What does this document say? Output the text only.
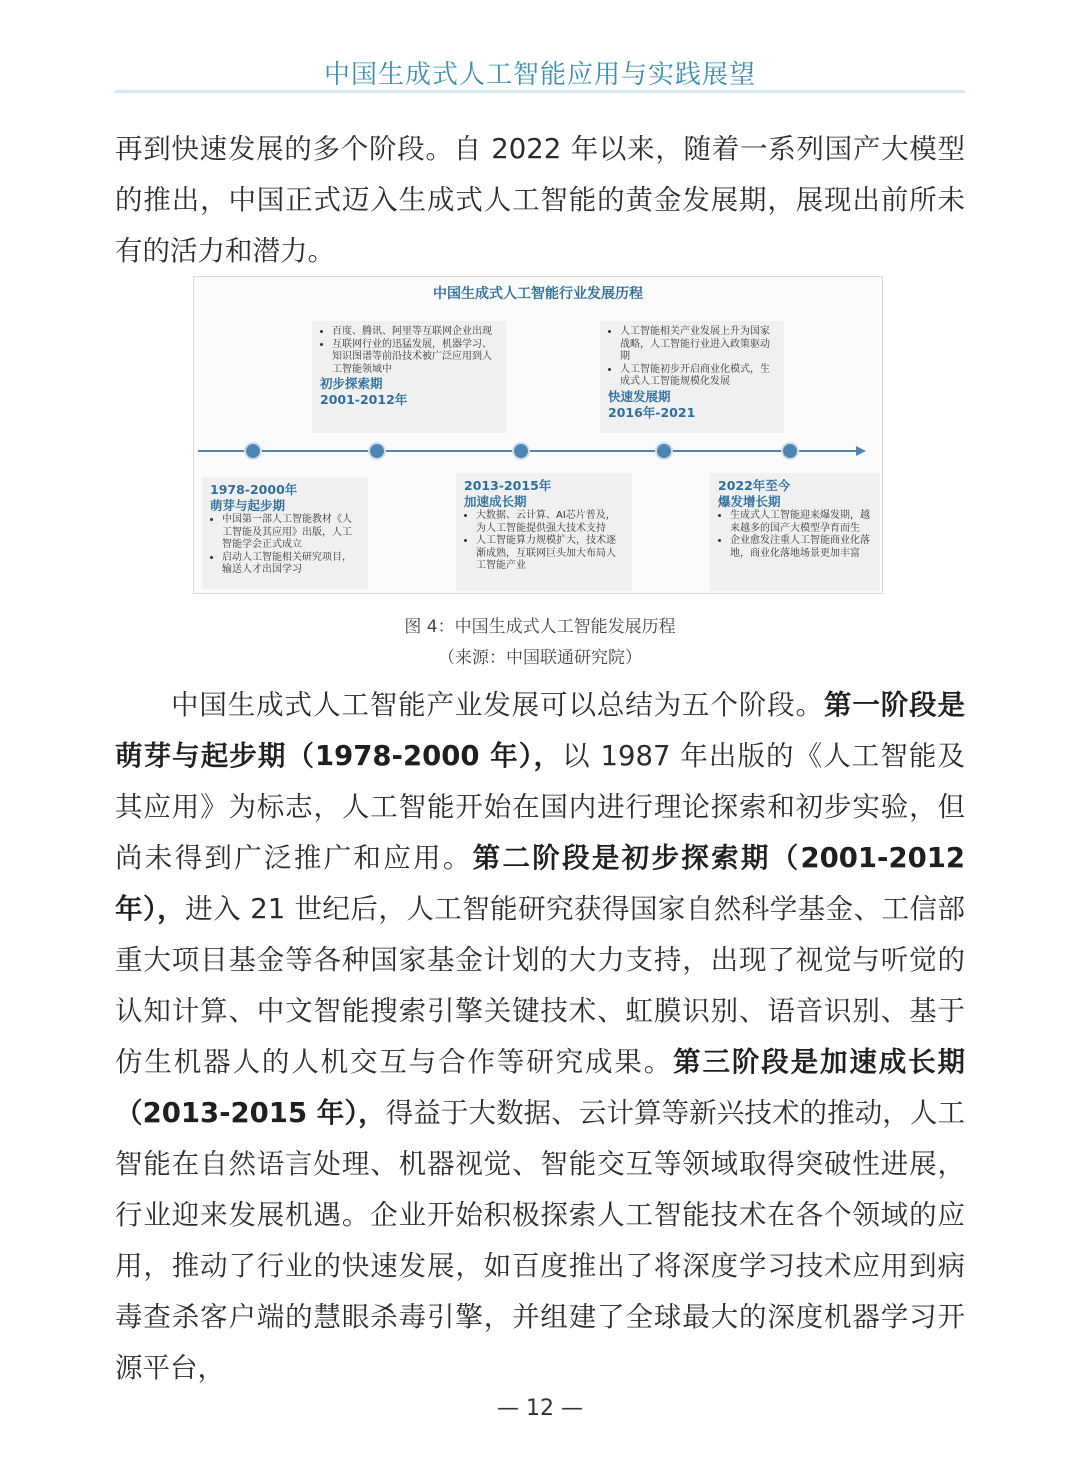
中国生成式人工智能应用与实践展望

再到快速发展的多个阶段。自 2022 年以来，随着一系列国产大模型的推出，中国正式迈入生成式人工智能的黄金发展期，展现出前所未有的活力和潜力。

中国生成式人工智能行业发展历程
• 百度、腾讯、阿里等互联网企业出现
• 互联网行业的迅猛发展，机器学习、知识图谱等前沿技术被广泛应用到人工智能领域中
初步探索期
2001-2012年
• 人工智能相关产业发展上升为国家战略，人工智能行业进入政策驱动期
• 人工智能初步开启商业化模式，生成式人工智能规模化发展
快速发展期
2016年-2021
1978-2000年
萌芽与起步期
• 中国第一部人工智能教材《人工智能及其应用》出版，人工智能学会正式成立
• 启动人工智能相关研究项目，输送人才出国学习
2013-2015年
加速成长期
• 大数据、云计算、AI芯片普及，为人工智能提供强大技术支持
• 人工智能算力规模扩大，技术逐渐成熟，互联网巨头加大布局人工智能产业
2022年至今
爆发增长期
• 生成式人工智能迎来爆发期，越来越多的国产大模型孕育而生
• 企业愈发注重人工智能商业化落地，商业化落地场景更加丰富
图 4：中国生成式人工智能发展历程
（来源：中国联通研究院）

中国生成式人工智能产业发展可以总结为五个阶段。第一阶段是萌芽与起步期（1978-2000 年），以 1987 年出版的《人工智能及其应用》为标志，人工智能开始在国内进行理论探索和初步实验，但尚未得到广泛推广和应用。第二阶段是初步探索期（2001-2012 年），进入 21 世纪后，人工智能研究获得国家自然科学基金、工信部重大项目基金等各种国家基金计划的大力支持，出现了视觉与听觉的认知计算、中文智能搜索引擎关键技术、虹膜识别、语音识别、基于仿生机器人的人机交互与合作等研究成果。第三阶段是加速成长期（2013-2015 年），得益于大数据、云计算等新兴技术的推动，人工智能在自然语言处理、机器视觉、智能交互等领域取得突破性进展，行业迎来发展机遇。企业开始积极探索人工智能技术在各个领域的应用，推动了行业的快速发展，如百度推出了将深度学习技术应用到病毒查杀客户端的慧眼杀毒引擎，并组建了全球最大的深度机器学习开源平台，

— 12 —
